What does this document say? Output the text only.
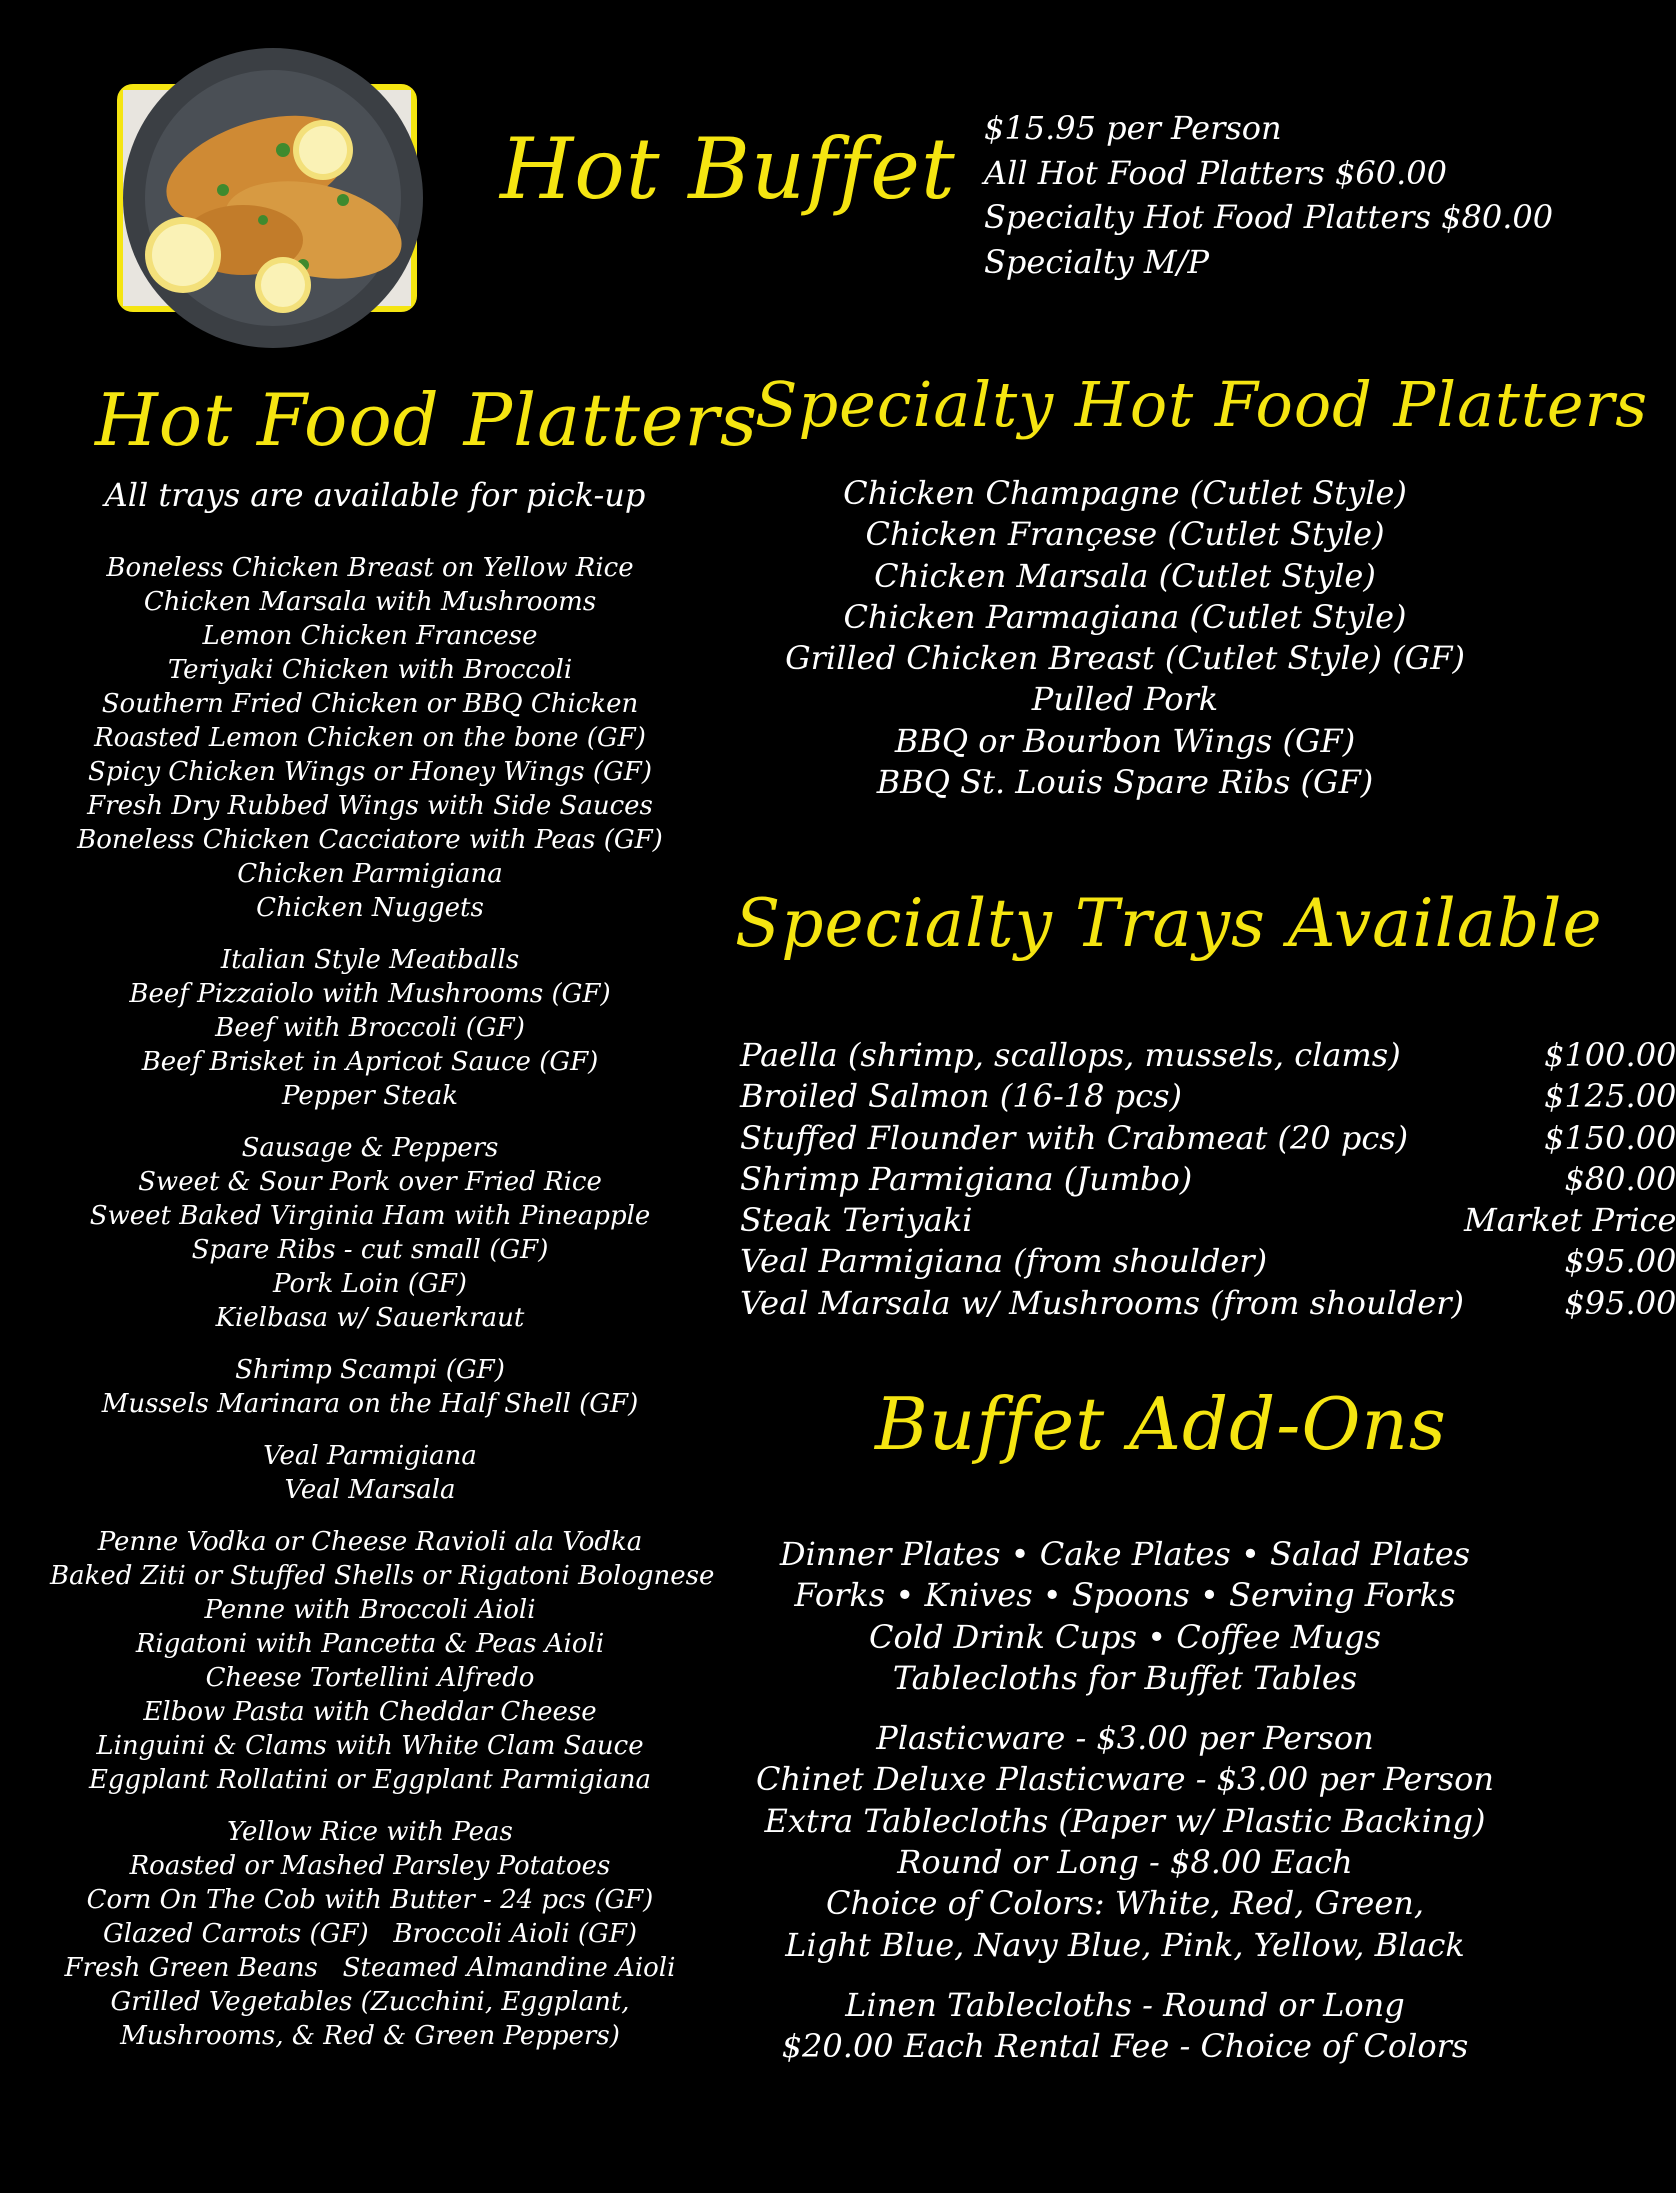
Hot Buffet $15.95 per Person
All Hot Food Platters $60.00
Specialty Hot Food Platters $80.00
Specialty M/P
Hot Food Platters
All trays are available for pick-up
Boneless Chicken Breast on Yellow Rice
Chicken Marsala with Mushrooms
Lemon Chicken Francese
Teriyaki Chicken with Broccoli
Southern Fried Chicken or BBQ Chicken
Roasted Lemon Chicken on the bone (GF)
Spicy Chicken Wings or Honey Wings (GF)
Fresh Dry Rubbed Wings with Side Sauces
Boneless Chicken Cacciatore with Peas (GF)
Chicken Parmigiana
Chicken Nuggets
Italian Style Meatballs
Beef Pizzaiolo with Mushrooms (GF)
Beef with Broccoli (GF)
Beef Brisket in Apricot Sauce (GF)
Pepper Steak
Sausage & Peppers
Sweet & Sour Pork over Fried Rice
Sweet Baked Virginia Ham with Pineapple
Spare Ribs - cut small (GF)
Pork Loin (GF)
Kielbasa w/ Sauerkraut
Shrimp Scampi (GF)
Mussels Marinara on the Half Shell (GF)
Veal Parmigiana
Veal Marsala
Penne Vodka or Cheese Ravioli ala Vodka
Baked Ziti or Stuffed Shells or Rigatoni Bolognese
Penne with Broccoli Aioli
Rigatoni with Pancetta & Peas Aioli
Cheese Tortellini Alfredo
Elbow Pasta with Cheddar Cheese
Linguini & Clams with White Clam Sauce
Eggplant Rollatini or Eggplant Parmigiana
Yellow Rice with Peas
Roasted or Mashed Parsley Potatoes
Corn On The Cob with Butter - 24 pcs (GF)
Glazed Carrots (GF)   Broccoli Aioli (GF)
Fresh Green Beans   Steamed Almandine Aioli
Grilled Vegetables (Zucchini, Eggplant,
Mushrooms, & Red & Green Peppers)
Specialty Hot Food Platters
Chicken Champagne (Cutlet Style)
Chicken Françese (Cutlet Style)
Chicken Marsala (Cutlet Style)
Chicken Parmagiana (Cutlet Style)
Grilled Chicken Breast (Cutlet Style) (GF)
Pulled Pork
BBQ or Bourbon Wings (GF)
BBQ St. Louis Spare Ribs (GF)
Specialty Trays Available
Paella (shrimp, scallops, mussels, clams)	$100.00
Broiled Salmon (16-18 pcs)	$125.00
Stuffed Flounder with Crabmeat (20 pcs)	$150.00
Shrimp Parmigiana (Jumbo)	$80.00
Steak Teriyaki	Market Price
Veal Parmigiana (from shoulder)	$95.00
Veal Marsala w/ Mushrooms (from shoulder)	$95.00
Buffet Add-Ons
Dinner Plates • Cake Plates • Salad Plates
Forks • Knives • Spoons • Serving Forks
Cold Drink Cups • Coffee Mugs
Tablecloths for Buffet Tables
Plasticware - $3.00 per Person
Chinet Deluxe Plasticware - $3.00 per Person
Extra Tablecloths (Paper w/ Plastic Backing)
Round or Long - $8.00 Each
Choice of Colors: White, Red, Green,
Light Blue, Navy Blue, Pink, Yellow, Black
Linen Tablecloths - Round or Long
$20.00 Each Rental Fee - Choice of Colors
